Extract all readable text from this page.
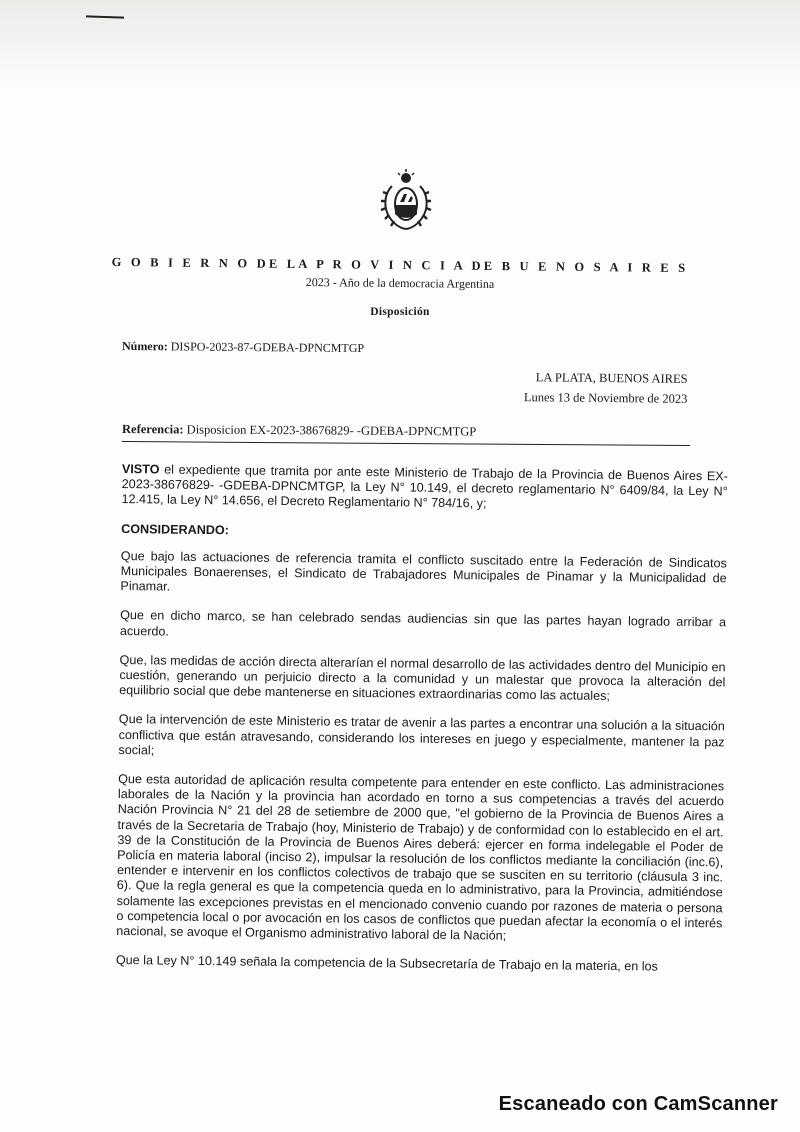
G O B I E R N O DE LA P R O V I N C I A DE B U E N O S A I R E S
2023 - Año de la democracia Argentina
Disposición
Número: DISPO-2023-87-GDEBA-DPNCMTGP
LA PLATA, BUENOS AIRES
Lunes 13 de Noviembre de 2023
Referencia: Disposicion EX-2023-38676829- -GDEBA-DPNCMTGP

VISTO el expediente que tramita por ante este Ministerio de Trabajo de la Provincia de Buenos Aires EX-2023-38676829- -GDEBA-DPNCMTGP, la Ley N° 10.149, el decreto reglamentario N° 6409/84, la Ley N° 12.415, la Ley N° 14.656, el Decreto Reglamentario N° 784/16, y;

CONSIDERANDO:

Que bajo las actuaciones de referencia tramita el conflicto suscitado entre la Federación de Sindicatos Municipales Bonaerenses, el Sindicato de Trabajadores Municipales de Pinamar y la Municipalidad de Pinamar.

Que en dicho marco, se han celebrado sendas audiencias sin que las partes hayan logrado arribar a acuerdo.

Que, las medidas de acción directa alterarían el normal desarrollo de las actividades dentro del Municipio en cuestión, generando un perjuicio directo a la comunidad y un malestar que provoca la alteración del equilibrio social que debe mantenerse en situaciones extraordinarias como las actuales;

Que la intervención de este Ministerio es tratar de avenir a las partes a encontrar una solución a la situación conflictiva que están atravesando, considerando los intereses en juego y especialmente, mantener la paz social;

Que esta autoridad de aplicación resulta competente para entender en este conflicto. Las administraciones laborales de la Nación y la provincia han acordado en torno a sus competencias a través del acuerdo Nación Provincia N° 21 del 28 de setiembre de 2000 que, "el gobierno de la Provincia de Buenos Aires a través de la Secretaria de Trabajo (hoy, Ministerio de Trabajo) y de conformidad con lo establecido en el art. 39 de la Constitución de la Provincia de Buenos Aires deberá: ejercer en forma indelegable el Poder de Policía en materia laboral (inciso 2), impulsar la resolución de los conflictos mediante la conciliación (inc.6), entender e intervenir en los conflictos colectivos de trabajo que se susciten en su territorio (cláusula 3 inc. 6). Que la regla general es que la competencia queda en lo administrativo, para la Provincia, admitiéndose solamente las excepciones previstas en el mencionado convenio cuando por razones de materia o persona o competencia local o por avocación en los casos de conflictos que puedan afectar la economía o el interés nacional, se avoque el Organismo administrativo laboral de la Nación;

Que la Ley N° 10.149 señala la competencia de la Subsecretaría de Trabajo en la materia, en los

Escaneado con CamScanner
